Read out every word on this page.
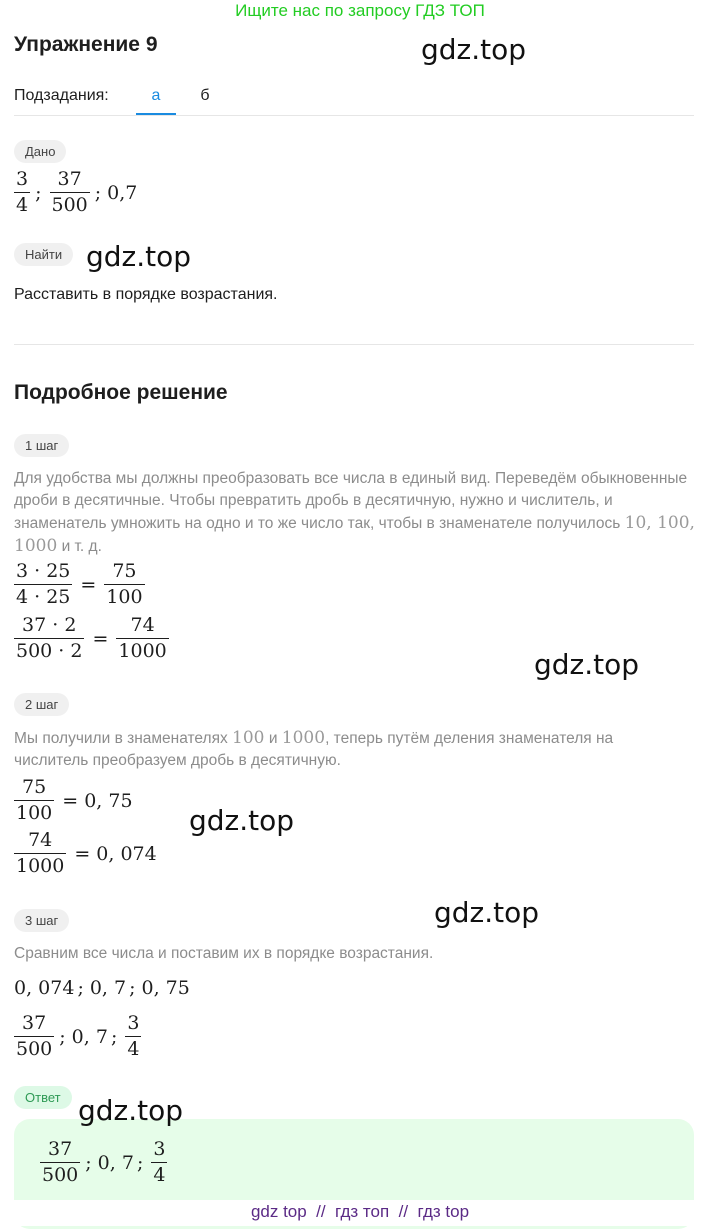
Ищите нас по запросу ГДЗ ТОП
Упражнение 9	gdz.top
Подзадания:	а	б
Дано
$\frac{3}{4}$ ; $\frac{37}{500}$ ; 0,7
Найти gdz.top
Расставить в порядке возрастания.
Подробное решение
1 шаг
Для удобства мы должны преобразовать все числа в единый вид. Переведём обыкновенные дроби в десятичные. Чтобы превратить дробь в десятичную, нужно и числитель, и знаменатель умножить на одно и то же число так, чтобы в знаменателе получилось 10, 100, 1000 и т. д.
$\frac{3 \cdot 25}{4 \cdot 25} = \frac{75}{100}$
$\frac{37 \cdot 2}{500 \cdot 2} = \frac{74}{1000}$
gdz.top
2 шаг
Мы получили в знаменателях 100 и 1000, теперь путём деления знаменателя на
числитель преобразуем дробь в десятичную.
$\frac{75}{100} = 0$, 75
$\frac{74}{1000} = 0$, 074
gdz.top
3 шаг	gdz.top
Сравним все числа и поставим их в порядке возрастания.
0, 074 ; 0, 7 ; 0, 75
$\frac{37}{500}$ ; 0, 7 ; $\frac{3}{4}$
Ответ gdz.top
$\frac{37}{500}$ ; 0, 7 ; $\frac{3}{4}$
gdz top  //  гдз топ  //  гдз top
